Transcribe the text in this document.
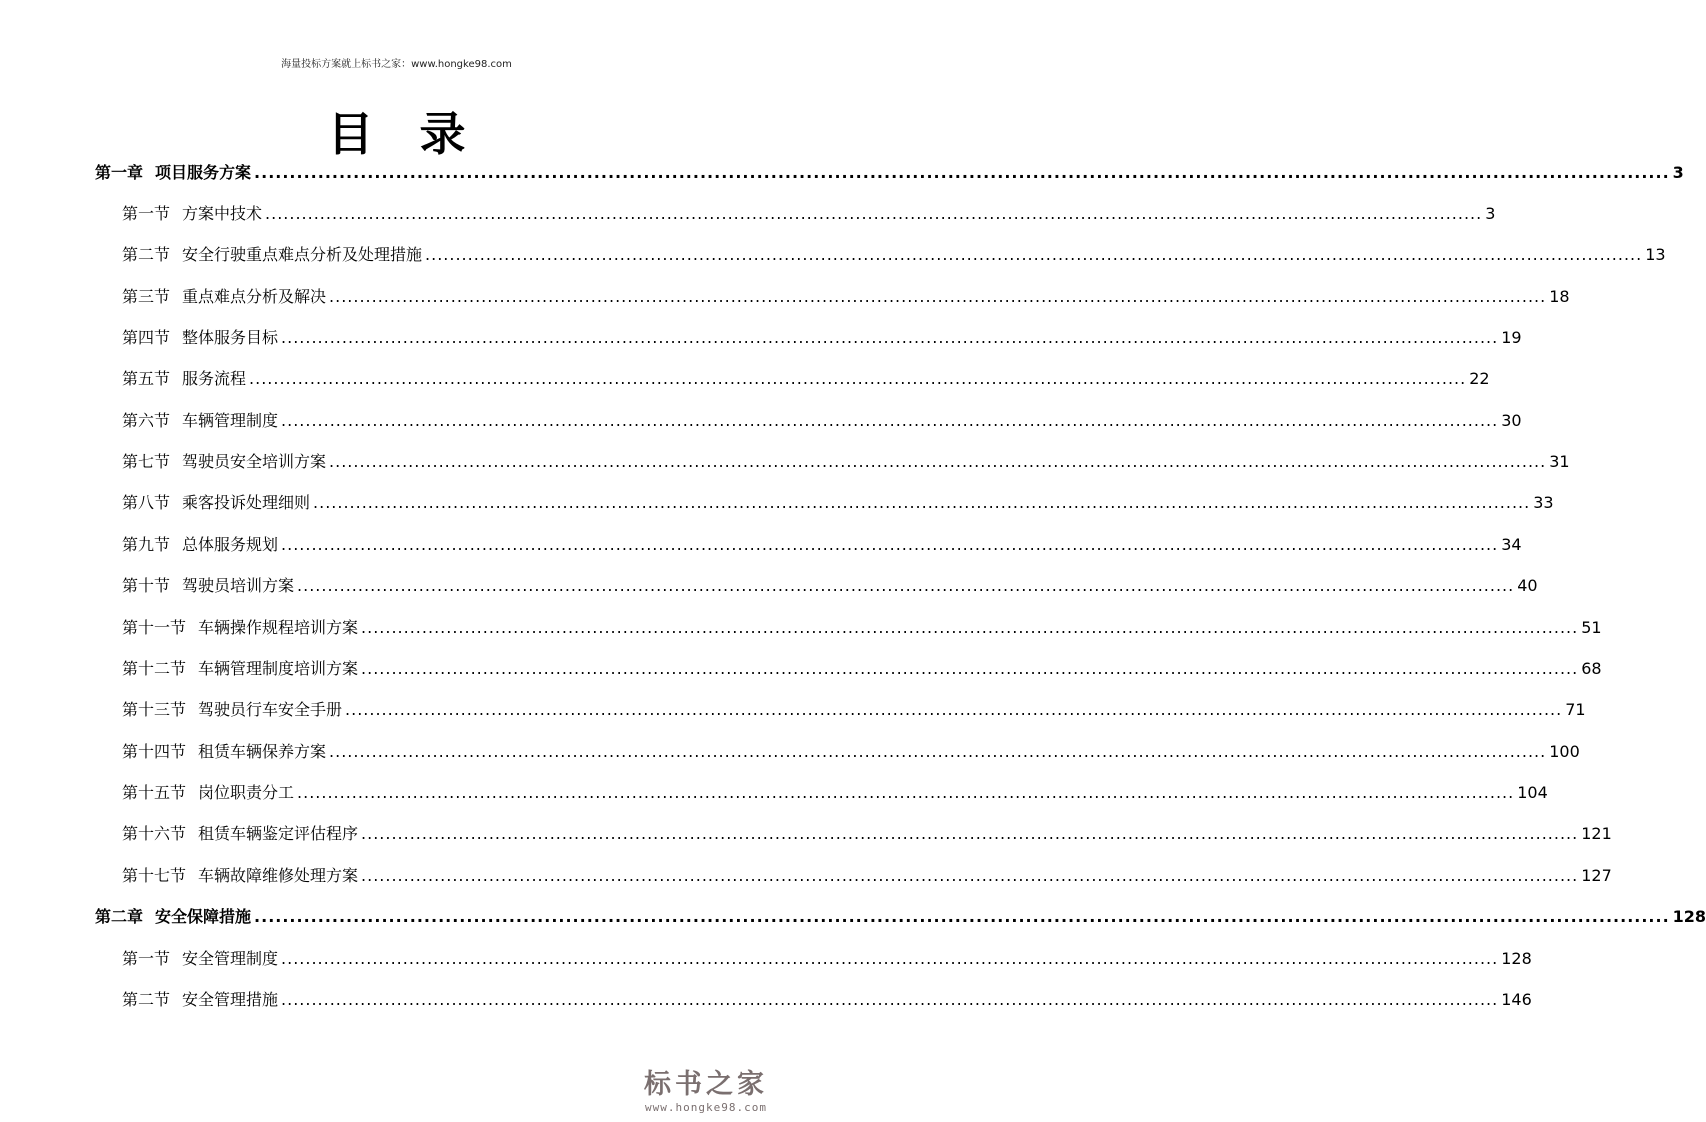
海量投标方案就上标书之家：www.hongke98.com
目录
第一章 项目服务方案 ........................................................................................................................................................................................................ 3
第一节 方案中技术 ........................................................................................................................................................................................................ 3
第二节 安全行驶重点难点分析及处理措施 ........................................................................................................................................................................................................ 13
第三节 重点难点分析及解决 ........................................................................................................................................................................................................ 18
第四节 整体服务目标 ........................................................................................................................................................................................................ 19
第五节 服务流程 ........................................................................................................................................................................................................ 22
第六节 车辆管理制度 ........................................................................................................................................................................................................ 30
第七节 驾驶员安全培训方案 ........................................................................................................................................................................................................ 31
第八节 乘客投诉处理细则 ........................................................................................................................................................................................................ 33
第九节 总体服务规划 ........................................................................................................................................................................................................ 34
第十节 驾驶员培训方案 ........................................................................................................................................................................................................ 40
第十一节 车辆操作规程培训方案 ........................................................................................................................................................................................................ 51
第十二节 车辆管理制度培训方案 ........................................................................................................................................................................................................ 68
第十三节 驾驶员行车安全手册 ........................................................................................................................................................................................................ 71
第十四节 租赁车辆保养方案 ........................................................................................................................................................................................................ 100
第十五节 岗位职责分工 ........................................................................................................................................................................................................ 104
第十六节 租赁车辆鉴定评估程序 ........................................................................................................................................................................................................ 121
第十七节 车辆故障维修处理方案 ........................................................................................................................................................................................................ 127
第二章 安全保障措施 ........................................................................................................................................................................................................ 128
第一节 安全管理制度 ........................................................................................................................................................................................................ 128
第二节 安全管理措施 ........................................................................................................................................................................................................ 146
标书之家
www.hongke98.com
